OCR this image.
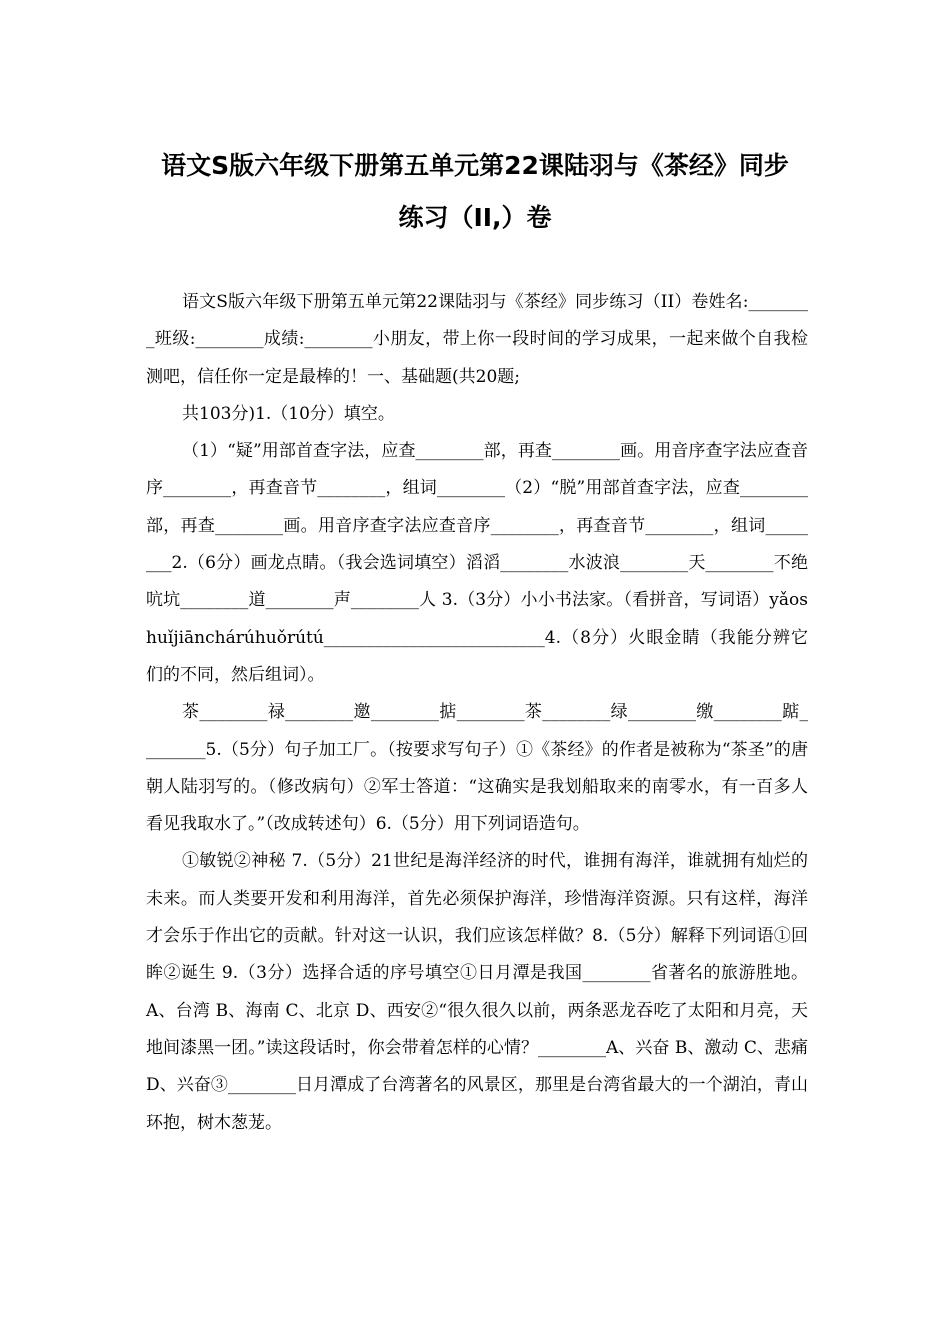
语文S版六年级下册第五单元第22课陆羽与《茶经》同步
练习（II,）卷

语文S版六年级下册第五单元第22课陆羽与《茶经》同步练习（II）卷姓名:________班级:________成绩:________小朋友，带上你一段时间的学习成果，一起来做个自我检测吧，信任你一定是最棒的！一、基础题(共20题;

共103分)1.（10分）填空。

（1）“疑”用部首查字法，应查________部，再查________画。用音序查字法应查音序________，再查音节________，组词________（2）“脱”用部首查字法，应查________部，再查________画。用音序查字法应查音序________，再查音节________，组词________2.（6分）画龙点睛。（我会选词填空）滔滔________水波浪________天________不绝吭坑________道________声________人 3.（3分）小小书法家。（看拼音，写词语）yǎoshuǐjiānchárúhuǒrútú__________________________4.（8分）火眼金睛（我能分辨它们的不同，然后组词）。

茶________禄________邀________掂________茶________绿________缴________踮________5.（5分）句子加工厂。（按要求写句子）①《茶经》的作者是被称为“茶圣”的唐朝人陆羽写的。（修改病句）②军士答道：“这确实是我划船取来的南零水，有一百多人看见我取水了。”（改成转述句）6.（5分）用下列词语造句。

①敏锐②神秘 7.（5分）21世纪是海洋经济的时代，谁拥有海洋，谁就拥有灿烂的未来。而人类要开发和利用海洋，首先必须保护海洋，珍惜海洋资源。只有这样，海洋才会乐于作出它的贡献。针对这一认识，我们应该怎样做？8.（5分）解释下列词语①回眸②诞生 9.（3分）选择合适的序号填空①日月潭是我国________省著名的旅游胜地。A、台湾 B、海南 C、北京 D、西安②“很久很久以前，两条恶龙吞吃了太阳和月亮，天地间漆黑一团。”读这段话时，你会带着怎样的心情？________A、兴奋 B、激动 C、悲痛 D、兴奋③________日月潭成了台湾著名的风景区，那里是台湾省最大的一个湖泊，青山环抱，树木葱茏。
